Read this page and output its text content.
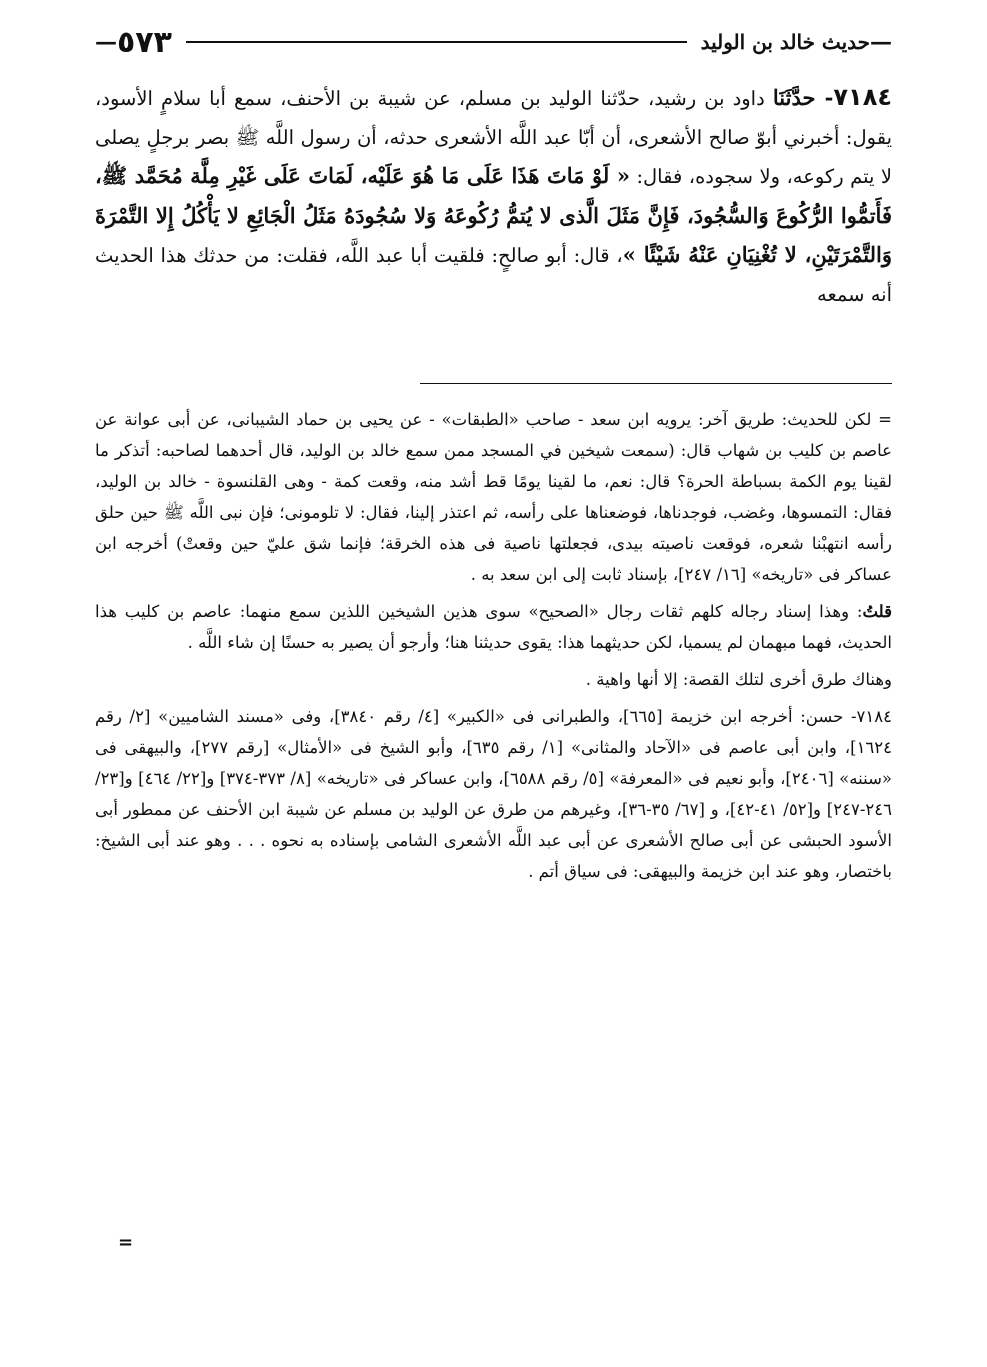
—
حديث خالد بن الوليد
٥٧٣
—
٧١٨٤- حدَّثَنَا داود بن رشيد، حدّثنا الوليد بن مسلم، عن شيبة بن الأحنف، سمع أبا سلامٍ الأسود، يقول: أخبرني أبوّ صالح الأشعرى، أن أبّا عبد اللَّه الأشعرى حدثه، أن رسول اللَّه ﷺ بصر برجلٍ يصلى لا يتم ركوعه، ولا سجوده، فقال: « لَوْ مَاتَ هَذَا عَلَى مَا هُوَ عَلَيْه، لَمَاتَ عَلَى غَيْرِ مِلَّة مُحَمَّد ﷺ، فَأَتمُّوا الرُّكُوعَ وَالسُّجُودَ، فَإِنَّ مَثَلَ الَّذى لا يُتمُّ رُكُوعَهُ وَلا سُجُودَهُ مَثَلُ الْجَائِعِ لا يَأْكُلُ إِلا التَّمْرَةَ وَالتَّمْرَتَيْنِ، لا تُغْنِيَانِ عَنْهُ شَيْئًا »، قال: أبو صالحٍ: فلقيت أبا عبد اللَّه، فقلت: من حدثك هذا الحديث أنه سمعه

= لكن للحديث: طريق آخر: يرويه ابن سعد - صاحب «الطبقات» - عن يحيى بن حماد الشيبانى، عن أبى عوانة عن عاصم بن كليب بن شهاب قال: (سمعت شيخين في المسجد ممن سمع خالد بن الوليد، قال أحدهما لصاحبه: أتذكر ما لقينا يوم الكمة بسباطة الحرة؟ قال: نعم، ما لقينا يومًا قط أشد منه، وقعت كمة - وهى القلنسوة - خالد بن الوليد، فقال: التمسوها، وغضب، فوجدناها، فوضعناها على رأسه، ثم اعتذر إلينا، فقال: لا تلومونى؛ فإن نبى اللَّه ﷺ حين حلق رأسه انتهبْنا شعره، فوقعت ناصيته بيدى، فجعلتها ناصية فى هذه الخرقة؛ فإنما شق عليّ حين وقعتْ) أخرجه ابن عساكر فى «تاريخه» [١٦/ ٢٤٧]، بإسناد ثابت إلى ابن سعد به .

قلتُ: وهذا إسناد رجاله كلهم ثقات رجال «الصحيح» سوى هذين الشيخين اللذين سمع منهما: عاصم بن كليب هذا الحديث، فهما مبهمان لم يسميا، لكن حديثهما هذا: يقوى حديثنا هنا؛ وأرجو أن يصير به حسنًا إن شاء اللَّه .

وهناك طرق أخرى لتلك القصة: إلا أنها واهية .

٧١٨٤- حسن: أخرجه ابن خزيمة [٦٦٥]، والطبرانى فى «الكبير» [٤/ رقم ٣٨٤٠]، وفى «مسند الشاميين» [٢/ رقم ١٦٢٤]، وابن أبى عاصم فى «الآحاد والمثانى» [١/ رقم ٦٣٥]، وأبو الشيخ فى «الأمثال» [رقم ٢٧٧]، والبيهقى فى «سننه» [٢٤٠٦]، وأبو نعيم فى «المعرفة» [٥/ رقم ٦٥٨٨]، وابن عساكر فى «تاريخه» [٨/ ٣٧٣-٣٧٤] و[٢٢/ ٤٦٤] و[٢٣/ ٢٤٦-٢٤٧] و[٥٢/ ٤١-٤٢]، و [٦٧/ ٣٥-٣٦]، وغيرهم من طرق عن الوليد بن مسلم عن شيبة ابن الأحنف عن ممطور أبى الأسود الحبشى عن أبى صالح الأشعرى عن أبى عبد اللَّه الأشعرى الشامى بإسناده به نحوه . . . وهو عند أبى الشيخ: باختصار، وهو عند ابن خزيمة والبيهقى: فى سياق أتم .

=
